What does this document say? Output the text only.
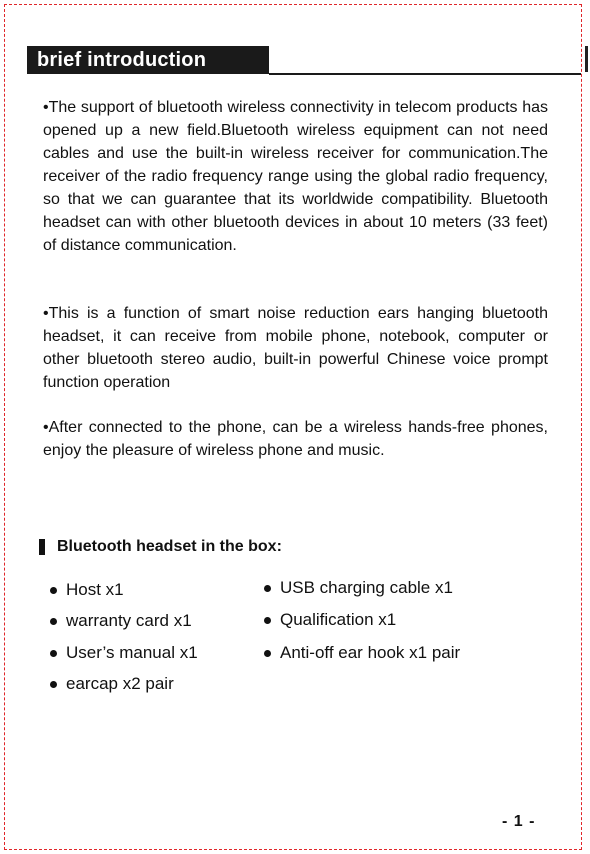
brief introduction

•The support of bluetooth wireless connectivity in telecom products has opened up a new field.Bluetooth wireless equipment can not need cables and use the built-in wireless receiver for communication.The receiver of the radio frequency range using the global radio frequency, so that we can guarantee that its worldwide compatibility. Bluetooth headset can with other bluetooth devices in about 10 meters (33 feet) of distance communication.

•This is a function of smart noise reduction ears hanging bluetooth headset, it can receive from mobile phone, notebook, computer or other bluetooth stereo audio, built-in powerful Chinese voice prompt function operation

•After connected to the phone, can be a wireless hands-free phones, enjoy the pleasure of wireless phone and music.

Bluetooth headset in the box:
Host x1
warranty card x1
User’s manual x1
earcap x2 pair
USB charging cable x1
Qualification x1
Anti-off ear hook x1 pair
- 1 -
